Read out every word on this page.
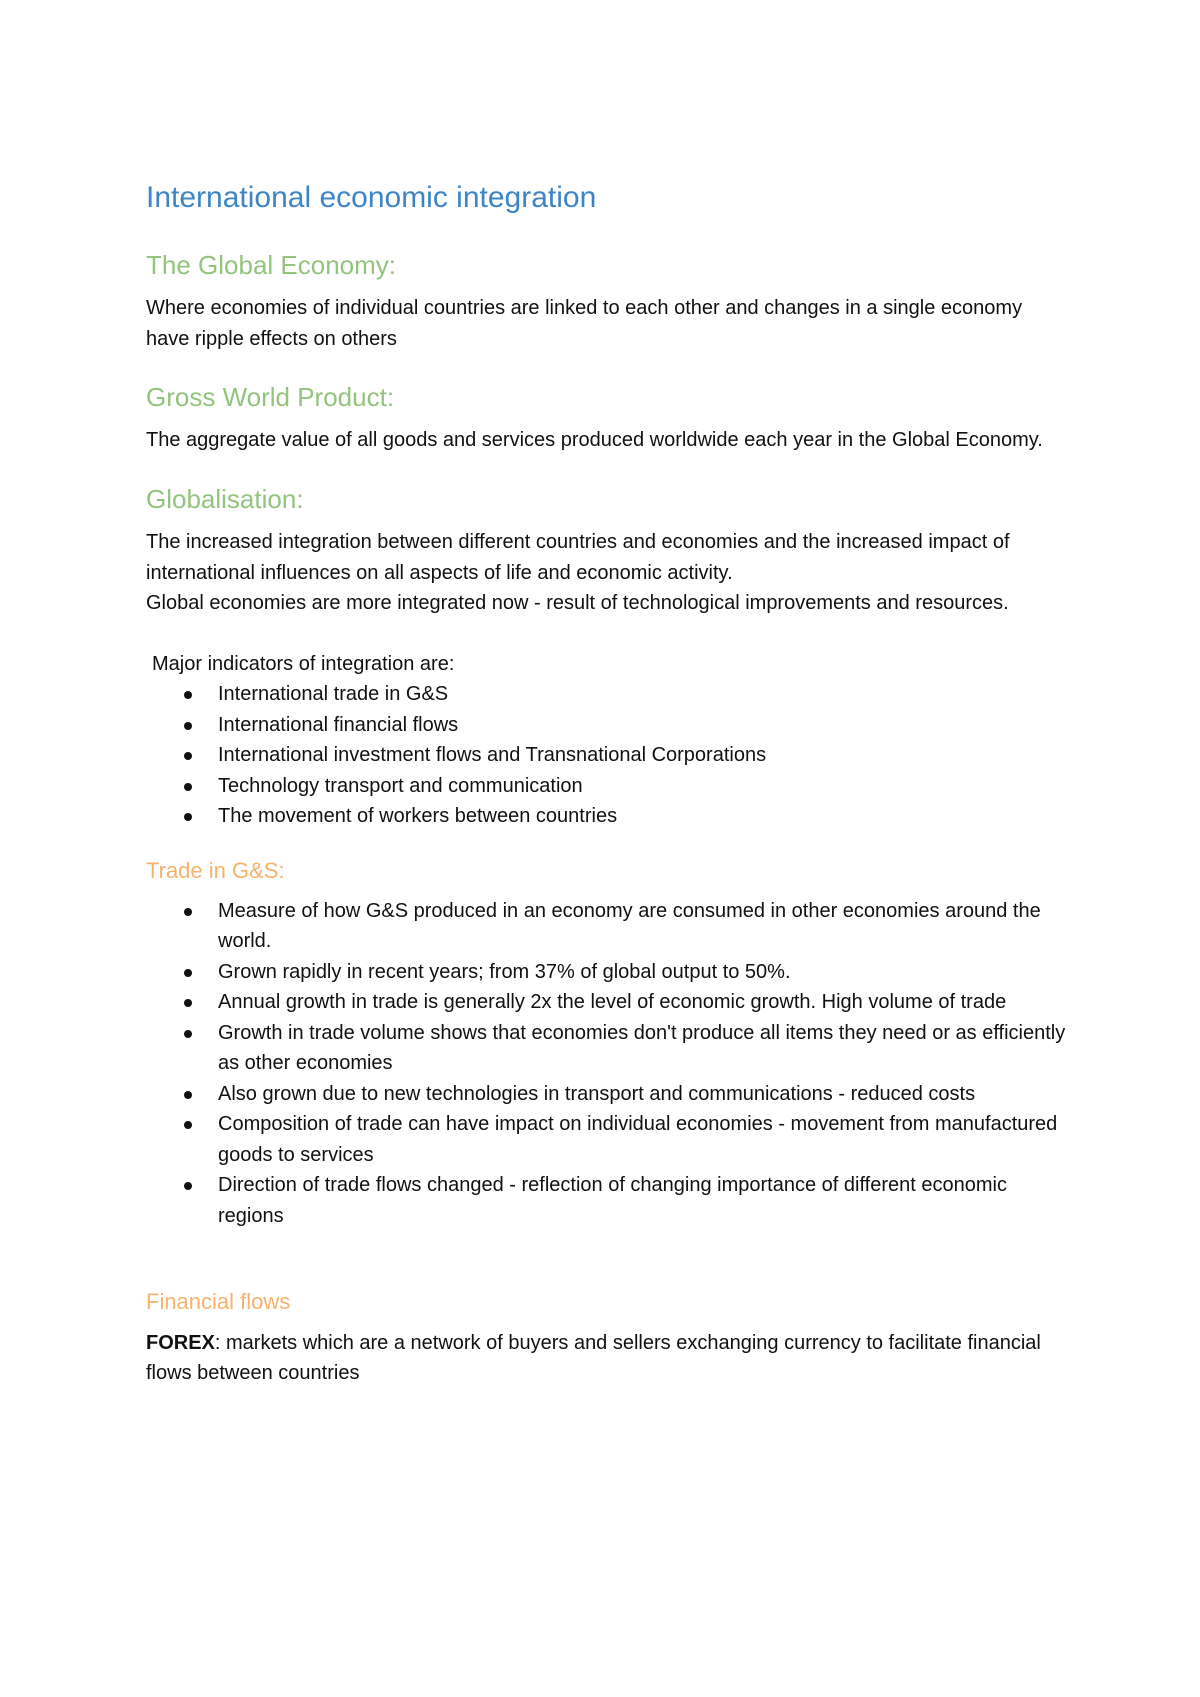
International economic integration
The Global Economy:

Where economies of individual countries are linked to each other and changes in a single economy have ripple effects on others

Gross World Product:

The aggregate value of all goods and services produced worldwide each year in the Global Economy.

Globalisation:

The increased integration between different countries and economies and the increased impact of international influences on all aspects of life and economic activity.

Global economies are more integrated now - result of technological improvements and resources.

Major indicators of integration are:

International trade in G&S
International financial flows
International investment flows and Transnational Corporations
Technology transport and communication
The movement of workers between countries
Trade in G&S:
Measure of how G&S produced in an economy are consumed in other economies around the world.
Grown rapidly in recent years; from 37% of global output to 50%.
Annual growth in trade is generally 2x the level of economic growth. High volume of trade
Growth in trade volume shows that economies don't produce all items they need or as efficiently as other economies
Also grown due to new technologies in transport and communications - reduced costs
Composition of trade can have impact on individual economies - movement from manufactured goods to services
Direction of trade flows changed - reflection of changing importance of different economic regions
Financial flows

FOREX: markets which are a network of buyers and sellers exchanging currency to facilitate financial flows between countries
